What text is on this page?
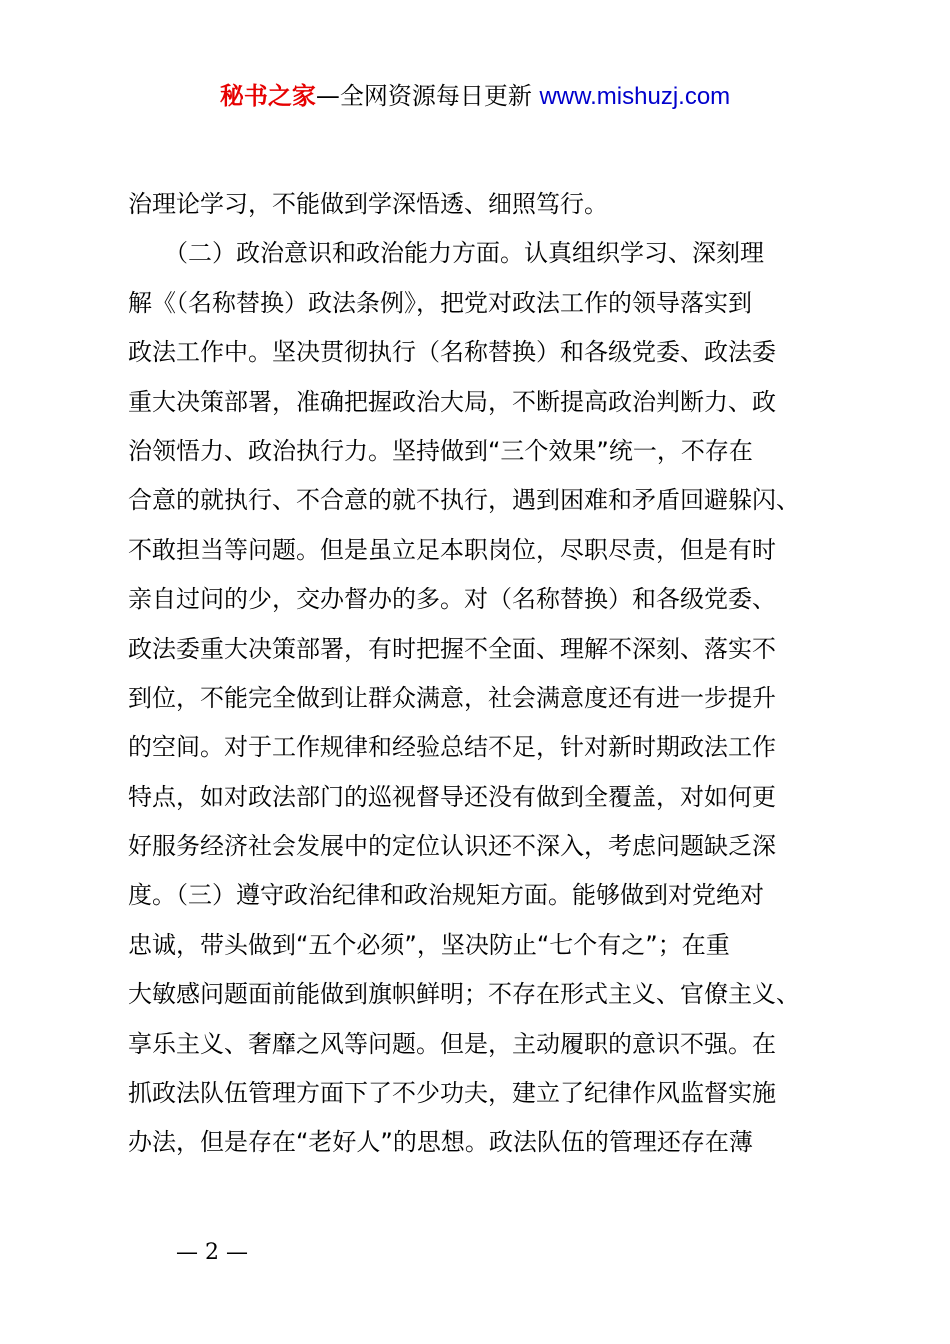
秘书之家—全网资源每日更新 www.mishuzj.com
治理论学习，不能做到学深悟透、细照笃行。
　　（二）政治意识和政治能力方面。认真组织学习、深刻理
解《（名称替换）政法条例》，把党对政法工作的领导落实到
政法工作中。坚决贯彻执行（名称替换）和各级党委、政法委
重大决策部署，准确把握政治大局，不断提高政治判断力、政
治领悟力、政治执行力。坚持做到“三个效果”统一，不存在
合意的就执行、不合意的就不执行，遇到困难和矛盾回避躲闪、
不敢担当等问题。但是虽立足本职岗位，尽职尽责，但是有时
亲自过问的少，交办督办的多。对（名称替换）和各级党委、
政法委重大决策部署，有时把握不全面、理解不深刻、落实不
到位，不能完全做到让群众满意，社会满意度还有进一步提升
的空间。对于工作规律和经验总结不足，针对新时期政法工作
特点，如对政法部门的巡视督导还没有做到全覆盖，对如何更
好服务经济社会发展中的定位认识还不深入，考虑问题缺乏深
度。（三）遵守政治纪律和政治规矩方面。能够做到对党绝对
忠诚，带头做到“五个必须”，坚决防止“七个有之”；在重
大敏感问题面前能做到旗帜鲜明；不存在形式主义、官僚主义、
享乐主义、奢靡之风等问题。但是，主动履职的意识不强。在
抓政法队伍管理方面下了不少功夫，建立了纪律作风监督实施
办法，但是存在“老好人”的思想。政法队伍的管理还存在薄
— 2 —
